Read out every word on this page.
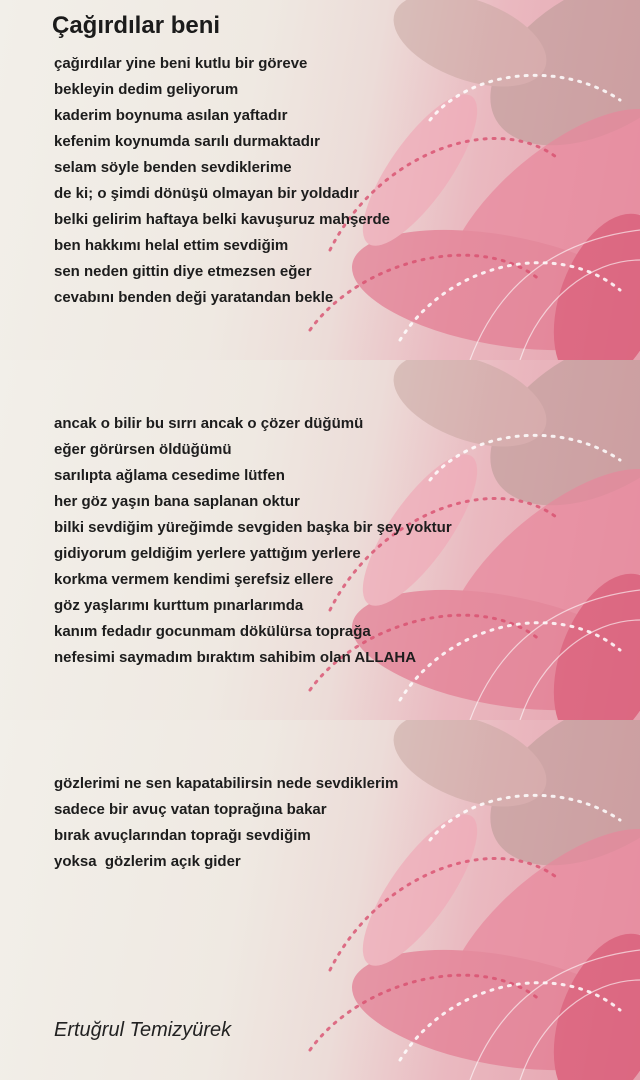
Çağırdılar beni
çağırdılar yine beni kutlu bir göreve
bekleyin dedim geliyorum
kaderim boynuma asılan yaftadır
kefenim koynumda sarılı durmaktadır
selam söyle benden sevdiklerime
de ki; o şimdi dönüşü olmayan bir yoldadır
belki gelirim haftaya belki kavuşuruz mahşerde
ben hakkımı helal ettim sevdiğim
sen neden gittin diye etmezsen eğer
cevabını benden deği yaratandan bekle
ancak o bilir bu sırrı ancak o çözer düğümü
eğer görürsen öldüğümü
sarılıpta ağlama cesedime lütfen
her göz yaşın bana saplanan oktur
bilki sevdiğim yüreğimde sevgiden başka bir şey yoktur
gidiyorum geldiğim yerlere yattığım yerlere
korkma vermem kendimi şerefsiz ellere
göz yaşlarımı kurttum pınarlarımda
kanım fedadır gocunmam dökülürsa toprağa
nefesimi saymadım bıraktım sahibim olan ALLAHA
gözlerimi ne sen kapatabilirsin nede sevdiklerim
sadece bir avuç vatan toprağına bakar
bırak avuçlarından toprağı sevdiğim
yoksa  gözlerim açık gider
Ertuğrul Temizyürek
